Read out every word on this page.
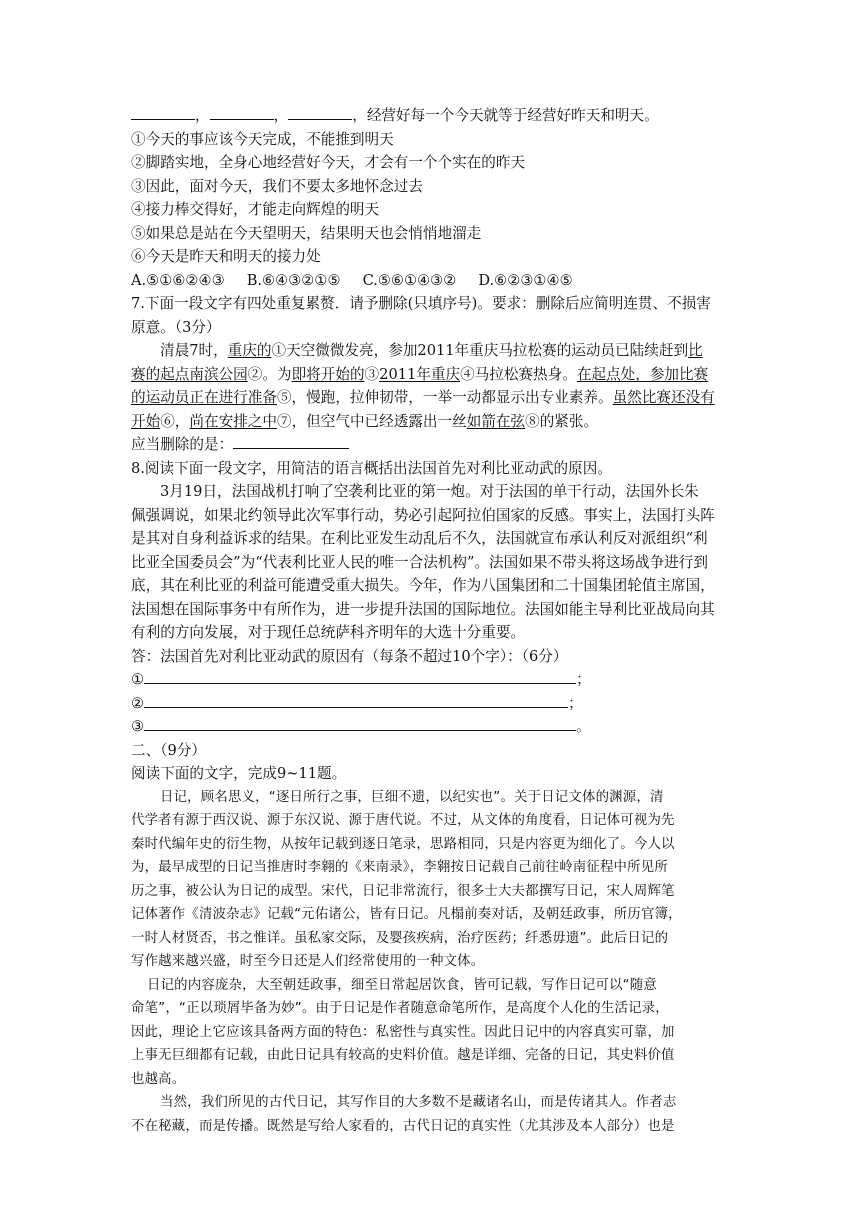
，	，	，经营好每一个今天就等于经营好昨天和明天。
①今天的事应该今天完成，不能推到明天
②脚踏实地，全身心地经营好今天，才会有一个个实在的昨天
③因此，面对今天，我们不要太多地怀念过去
④接力棒交得好，才能走向辉煌的明天
⑤如果总是站在今天望明天，结果明天也会悄悄地溜走
⑥今天是昨天和明天的接力处
A.⑤①⑥②④③ B.⑥④③②①⑤ C.⑤⑥①④③② D.⑥②③①④⑤
7.下面一段文字有四处重复累赘．请予删除(只填序号)。要求：删除后应简明连贯、不损害
原意。（3分）
清晨7时，重庆的①天空微微发亮，参加2011年重庆马拉松赛的运动员已陆续赶到比
赛的起点南滨公园②。为即将开始的③2011年重庆④马拉松赛热身。在起点处，参加比赛
的运动员正在进行准备⑤，慢跑，拉伸韧带，一举一动都显示出专业素养。虽然比赛还没有
开始⑥，尚在安排之中⑦，但空气中已经透露出一丝如箭在弦⑧的紧张。
应当删除的是：
8.阅读下面一段文字，用简洁的语言概括出法国首先对利比亚动武的原因。
3月19日，法国战机打响了空袭利比亚的第一炮。对于法国的单干行动，法国外长朱
佩强调说，如果北约领导此次军事行动，势必引起阿拉伯国家的反感。事实上，法国打头阵
是其对自身利益诉求的结果。在利比亚发生动乱后不久，法国就宣布承认利反对派组织“利
比亚全国委员会”为“代表利比亚人民的唯一合法机构”。法国如果不带头将这场战争进行到
底，其在利比亚的利益可能遭受重大损失。今年，作为八国集团和二十国集团轮值主席国，
法国想在国际事务中有所作为，进一步提升法国的国际地位。法国如能主导利比亚战局向其
有利的方向发展，对于现任总统萨科齐明年的大选十分重要。
答：法国首先对利比亚动武的原因有（每条不超过10个字）：（6分）
①	；
②	；
③	。
二、（9分）
阅读下面的文字，完成9~11题。
日记，顾名思义，“逐日所行之事，巨细不遗，以纪实也”。关于日记文体的渊源，清
代学者有源于西汉说、源于东汉说、源于唐代说。不过，从文体的角度看，日记体可视为先
秦时代编年史的衍生物，从按年记载到逐日笔录，思路相同，只是内容更为细化了。今人以
为，最早成型的日记当推唐时李翱的《来南录》，李翱按日记载自己前往岭南征程中所见所
历之事，被公认为日记的成型。宋代，日记非常流行，很多士大夫都撰写日记，宋人周辉笔
记体著作《清波杂志》记载“元佑诸公，皆有日记。凡榻前奏对话，及朝廷政事，所历官簿，
一时人材贤否，书之惟详。虽私家交际，及婴孩疾病，治疗医药；纤悉毋遗”。此后日记的
写作越来越兴盛，时至今日还是人们经常使用的一种文体。
日记的内容庞杂，大至朝廷政事，细至日常起居饮食，皆可记载，写作日记可以“随意
命笔”，“正以琐屑毕备为妙”。由于日记是作者随意命笔所作，是高度个人化的生活记录，
因此，理论上它应该具备两方面的特色：私密性与真实性。因此日记中的内容真实可靠，加
上事无巨细都有记载，由此日记具有较高的史料价值。越是详细、完备的日记，其史料价值
也越高。
当然，我们所见的古代日记，其写作目的大多数不是藏诸名山，而是传诸其人。作者志
不在秘藏，而是传播。既然是写给人家看的，古代日记的真实性（尤其涉及本人部分）也是
